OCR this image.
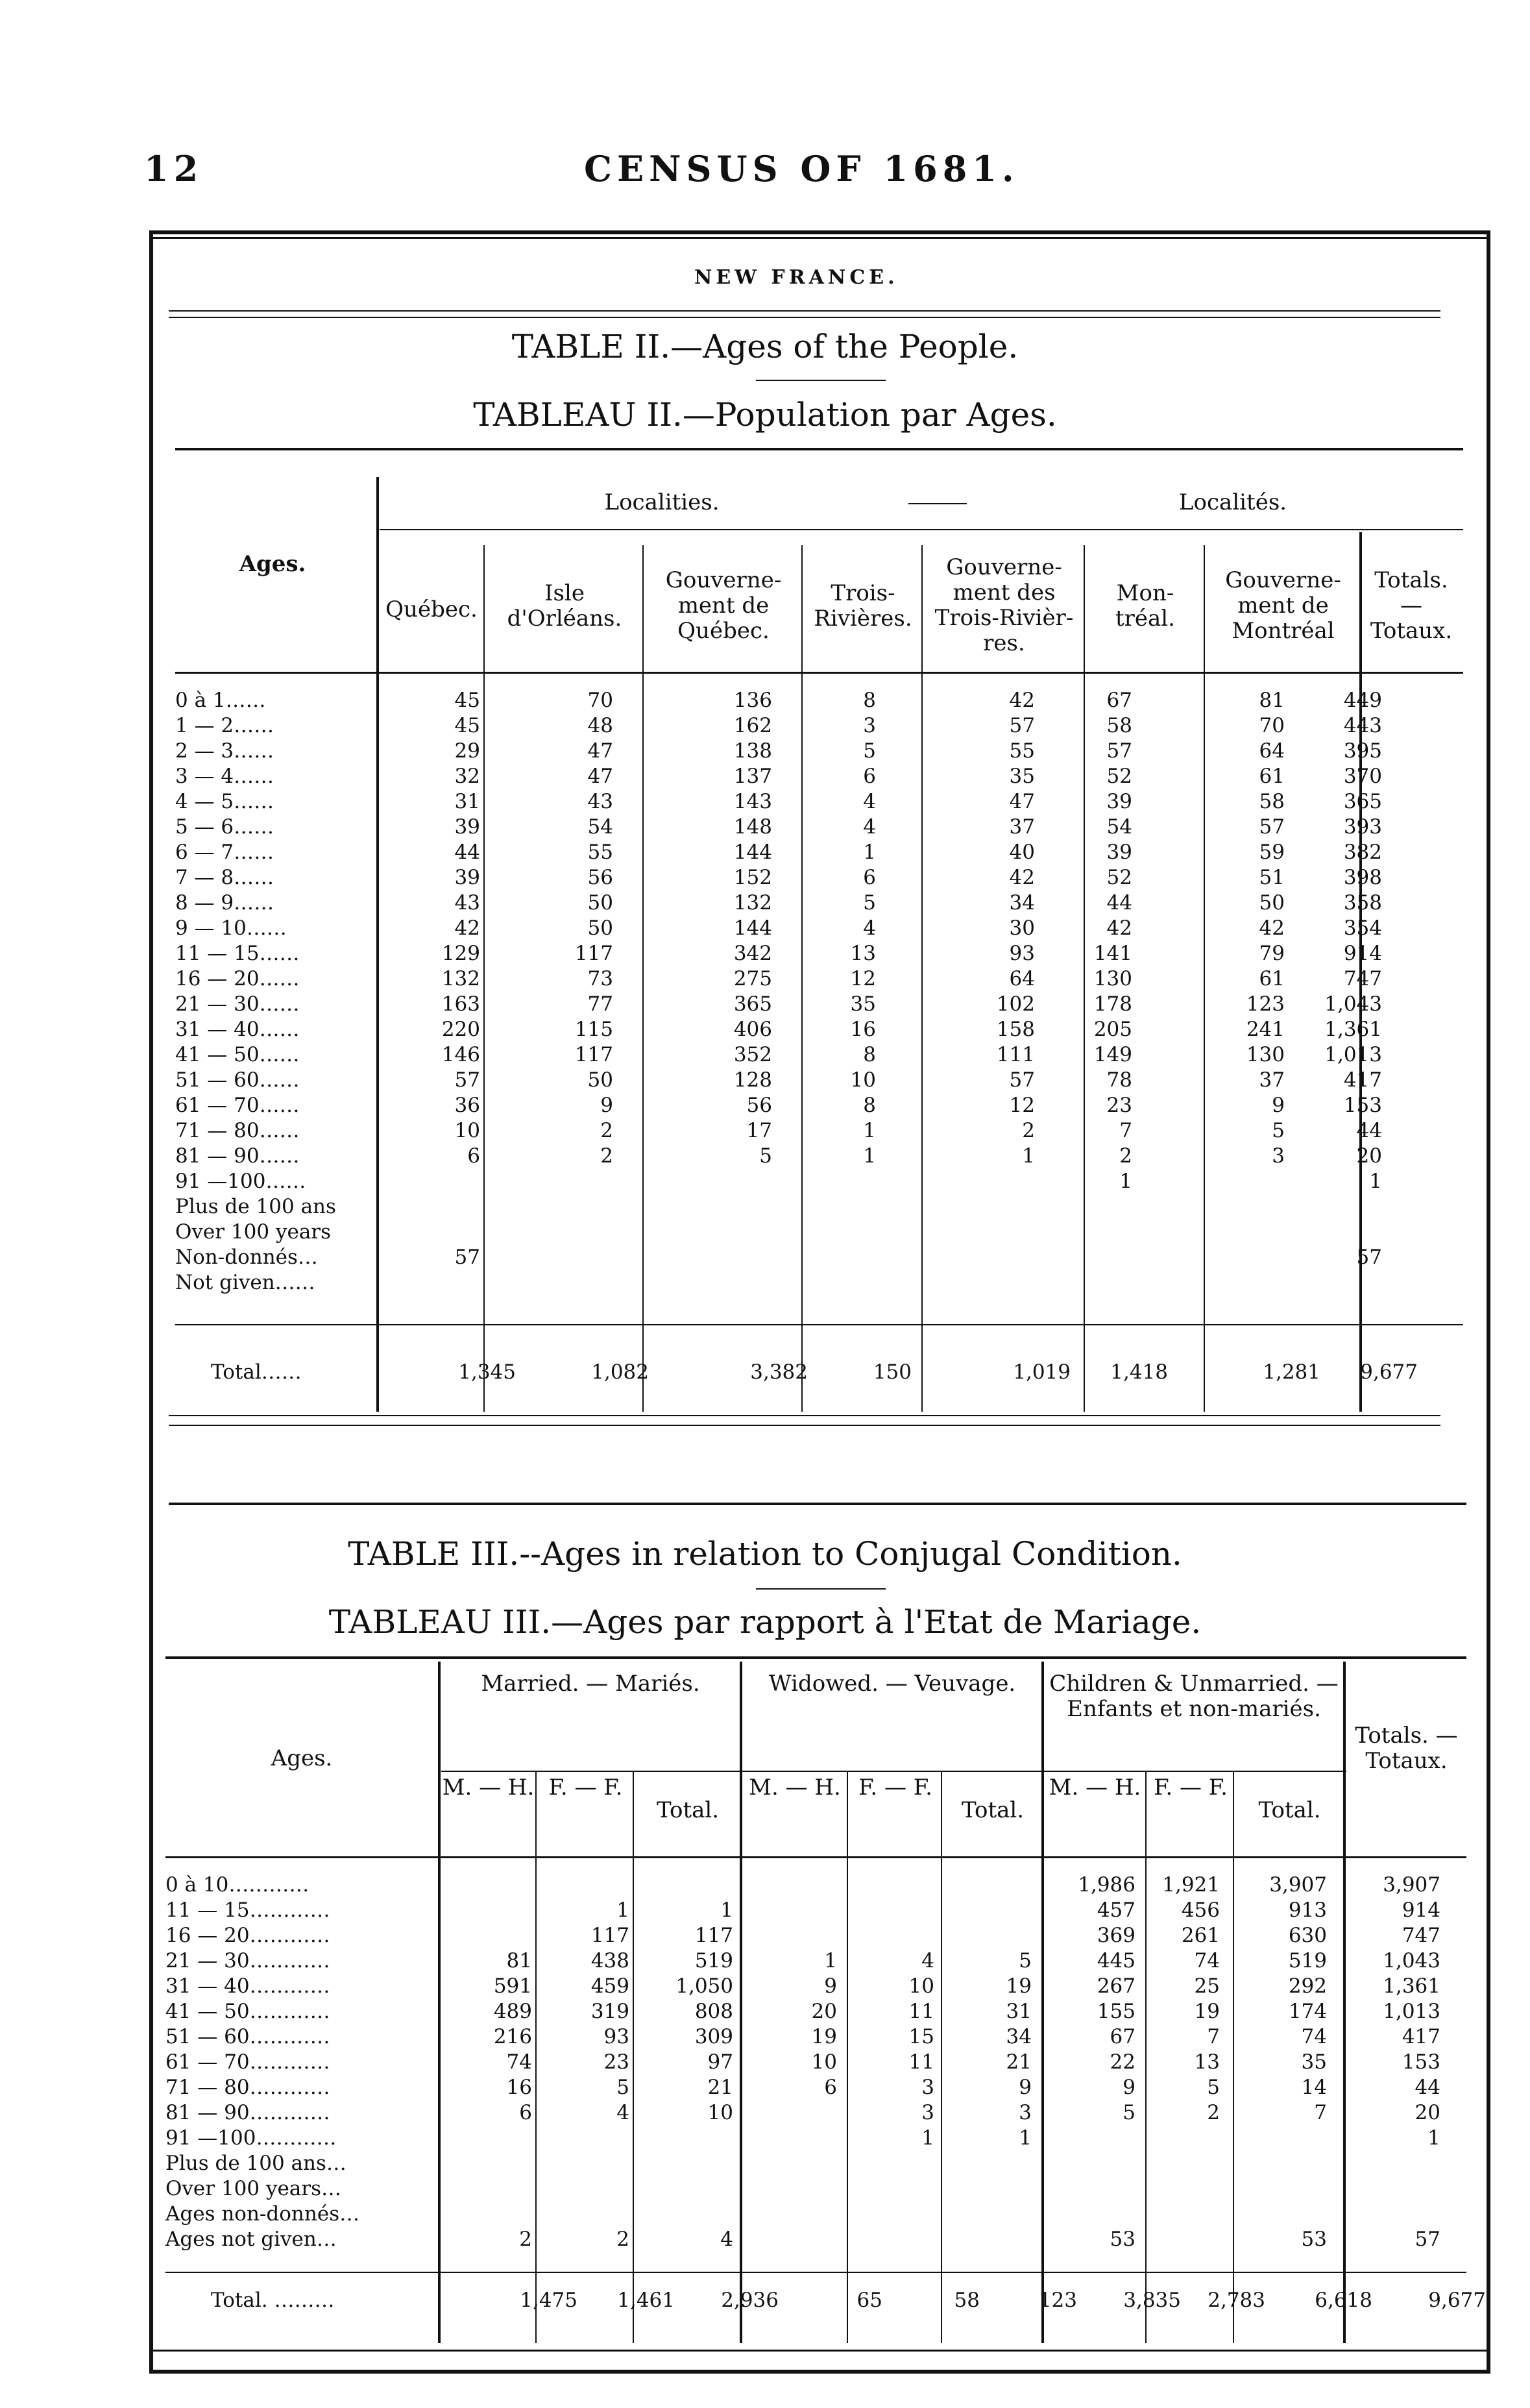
12	CENSUS OF 1681.
NEW FRANCE.
TABLE II.—Ages of the People.
TABLEAU II.—Population par Ages.
Ages.
Localities.	Localités.
Québec.
Isle d'Orléans.
Gouverne- ment de Québec.
Trois- Rivières.
Gouverne- ment des Trois-Rivièr- res.
Mon- tréal.
Gouverne- ment de Montréal
Totals. — Totaux.
0 à 1……	45	70	136	8	42	67	81	449
1 — 2……	45	48	162	3	57	58	70	443
2 — 3……	29	47	138	5	55	57	64	395
3 — 4……	32	47	137	6	35	52	61	370
4 — 5……	31	43	143	4	47	39	58	365
5 — 6……	39	54	148	4	37	54	57	393
6 — 7……	44	55	144	1	40	39	59	382
7 — 8……	39	56	152	6	42	52	51	398
8 — 9……	43	50	132	5	34	44	50	358
9 — 10……	42	50	144	4	30	42	42	354
11 — 15……	129	117	342	13	93	141	79	914
16 — 20……	132	73	275	12	64	130	61	747
21 — 30……	163	77	365	35	102	178	123	1,043
31 — 40……	220	115	406	16	158	205	241	1,361
41 — 50……	146	117	352	8	111	149	130	1,013
51 — 60……	57	50	128	10	57	78	37	417
61 — 70……	36	9	56	8	12	23	9	153
71 — 80……	10	2	17	1	2	7	5	44
81 — 90……	6	2	5	1	1	2	3	20
91 —100……						1		1
Plus de 100 ans								
Over 100 years								
Non-donnés…	57							57
Not given……								
Total……	1,345	1,082	3,382	150	1,019	1,418	1,281	9,677
TABLE III.--Ages in relation to Conjugal Condition.
TABLEAU III.—Ages par rapport à l'Etat de Mariage.
Ages.
Married. — Mariés.	Widowed. — Veuvage.	Children & Unmarried. — Enfants et non-mariés.
Totals. — Totaux.
M. — H. F. — F.
Total.
M. — H. F. — F.
Total.
M. — H. F. — F.
Total.
0 à 10…………							1,986	1,921	3,907	3,907
11 — 15…………		1	1				457	456	913	914
16 — 20…………		117	117				369	261	630	747
21 — 30…………	81	438	519	1	4	5	445	74	519	1,043
31 — 40…………	591	459	1,050	9	10	19	267	25	292	1,361
41 — 50…………	489	319	808	20	11	31	155	19	174	1,013
51 — 60…………	216	93	309	19	15	34	67	7	74	417
61 — 70…………	74	23	97	10	11	21	22	13	35	153
71 — 80…………	16	5	21	6	3	9	9	5	14	44
81 — 90…………	6	4	10		3	3	5	2	7	20
91 —100…………					1	1				1
Plus de 100 ans…										
Over 100 years…										
Ages non-donnés…										
Ages not given…	2	2	4				53		53	57
Total. ………	1,475	1,461	2,936	65	58	123	3,835	2,783	6,618	9,677
